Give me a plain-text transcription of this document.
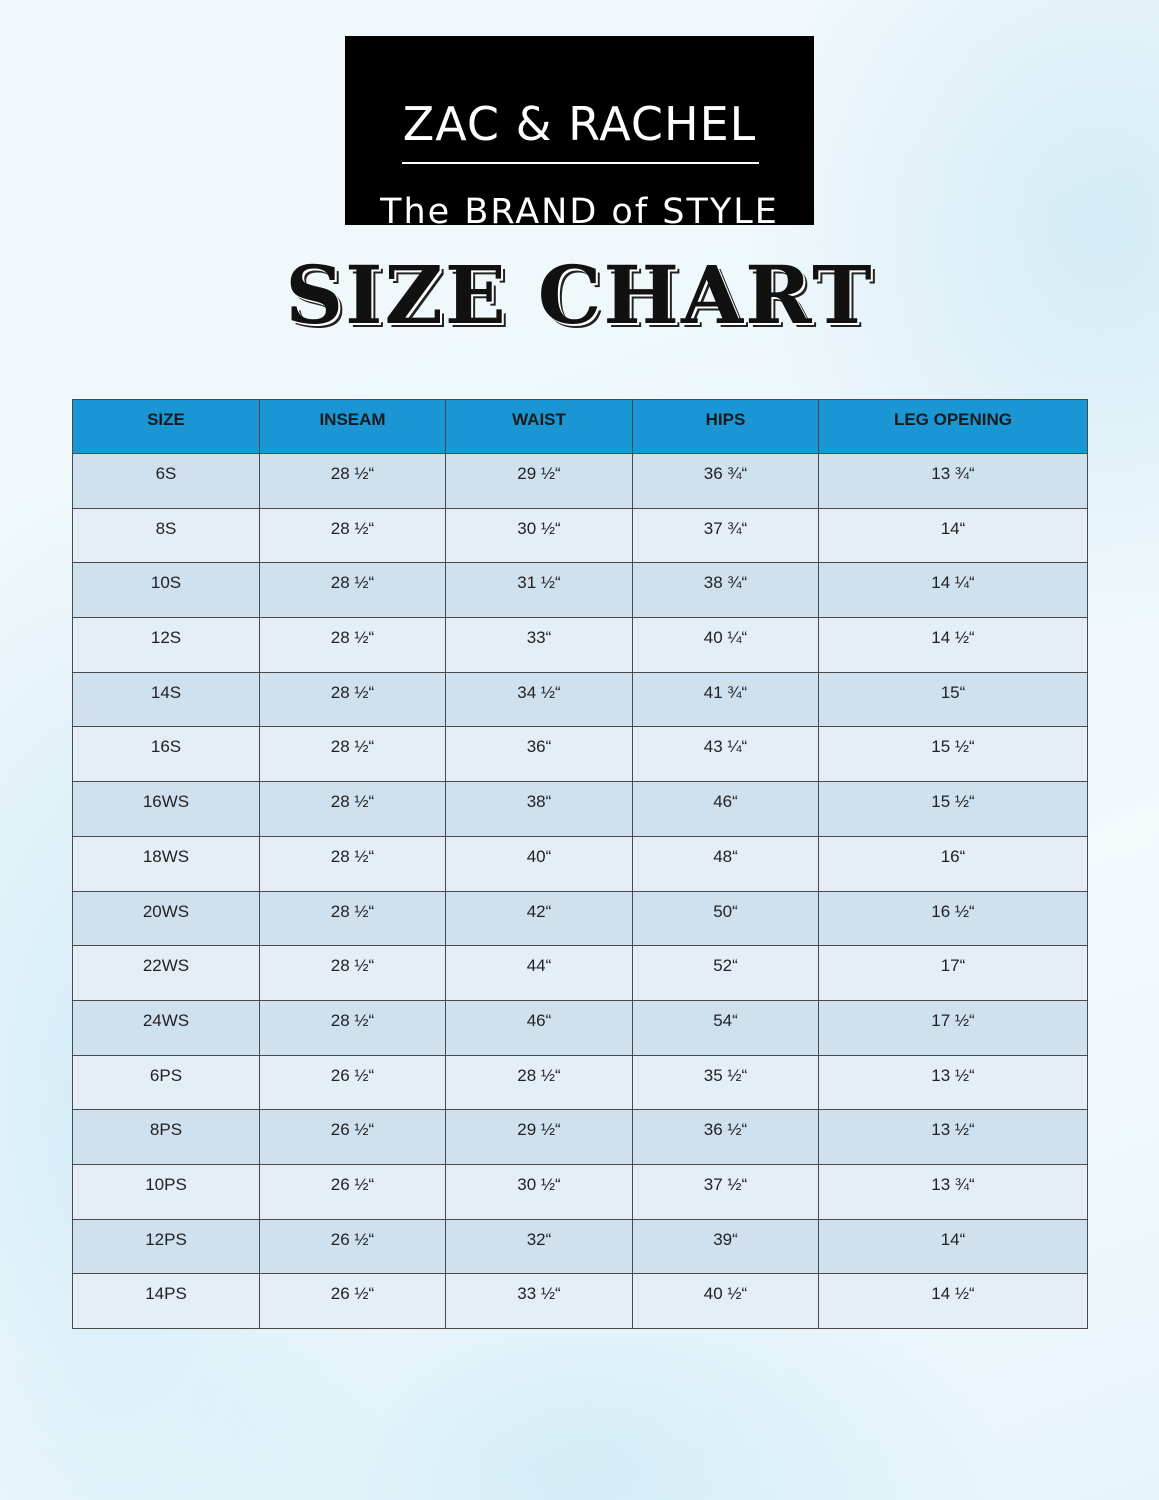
ZAC & RACHEL
The BRAND of STYLE
SIZE CHART
SIZE	INSEAM	WAIST	HIPS	LEG OPENING
6S	28 ½“	29 ½“	36 ¾“	13 ¾“
8S	28 ½“	30 ½“	37 ¾“	14“
10S	28 ½“	31 ½“	38 ¾“	14 ¼“
12S	28 ½“	33“	40 ¼“	14 ½“
14S	28 ½“	34 ½“	41 ¾“	15“
16S	28 ½“	36“	43 ¼“	15 ½“
16WS	28 ½“	38“	46“	15 ½“
18WS	28 ½“	40“	48“	16“
20WS	28 ½“	42“	50“	16 ½“
22WS	28 ½“	44“	52“	17“
24WS	28 ½“	46“	54“	17 ½“
6PS	26 ½“	28 ½“	35 ½“	13 ½“
8PS	26 ½“	29 ½“	36 ½“	13 ½“
10PS	26 ½“	30 ½“	37 ½“	13 ¾“
12PS	26 ½“	32“	39“	14“
14PS	26 ½“	33 ½“	40 ½“	14 ½“
